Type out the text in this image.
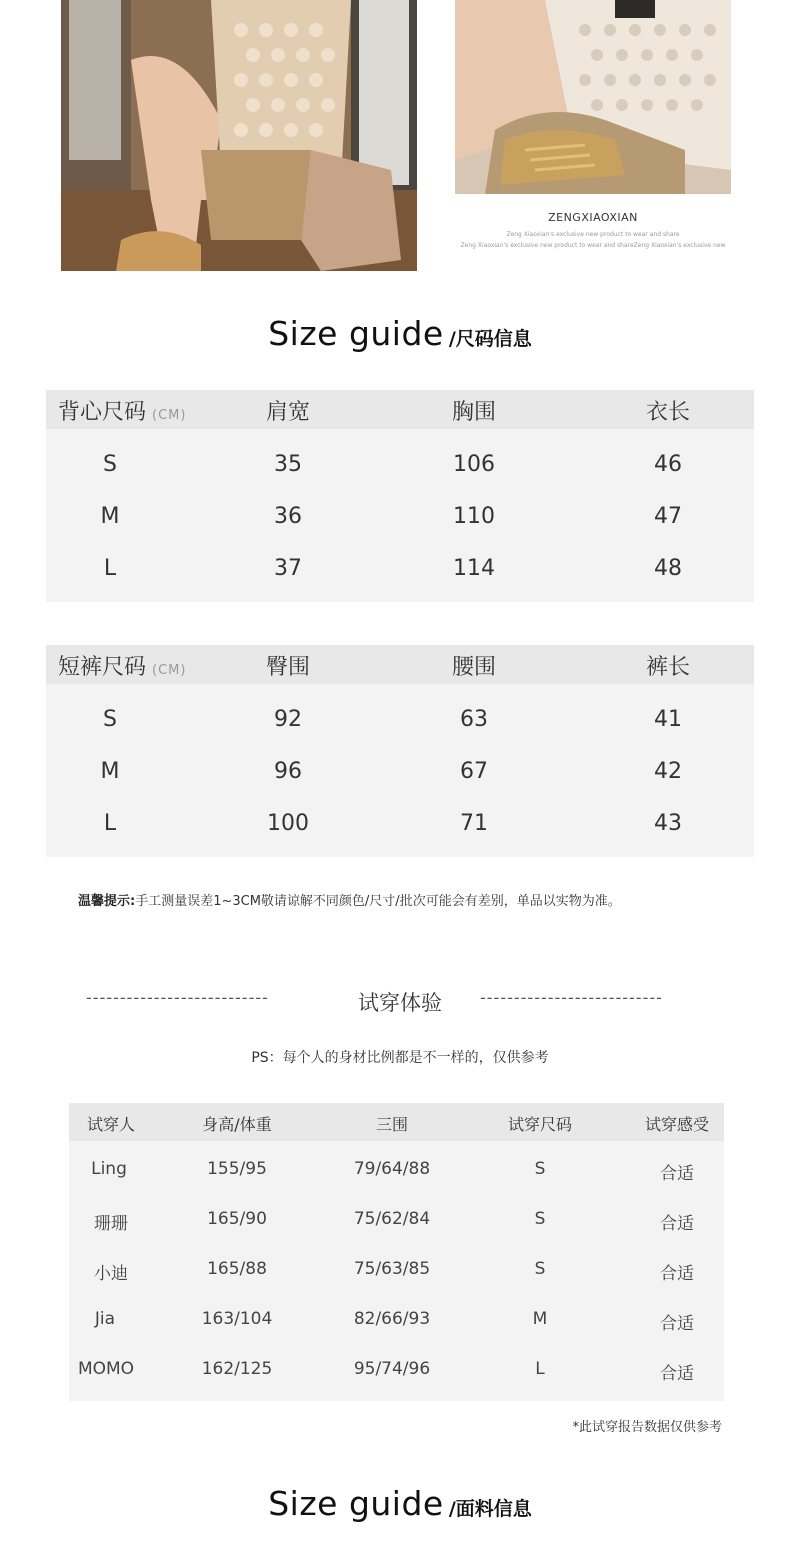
ZENGXIAOXIAN
Zeng Xiaoxian's exclusive new product to wear and share
Zeng Xiaoxian's exclusive new product to wear and shareZeng Xiaoxian's exclusive new
Size guide /尺码信息
背心尺码 (CM)	肩宽	胸围	衣长
S	35	106	46
M	36	110	47
L	37	114	48
短裤尺码 (CM)	臀围	腰围	裤长
S	92	63	41
M	96	67	42
L	100	71	43
温馨提示:手工测量误差1~3CM敬请谅解不同颜色/尺寸/批次可能会有差别，单品以实物为准。
---------------------------	试穿体验	---------------------------
PS：每个人的身材比例都是不一样的，仅供参考
试穿人	身高/体重	三围	试穿尺码	试穿感受
Ling	155/95	79/64/88	S	合适
珊珊	165/90	75/62/84	S	合适
小迪	165/88	75/63/85	S	合适
Jia	163/104	82/66/93	M	合适
MOMO	162/125	95/74/96	L	合适
*此试穿报告数据仅供参考
Size guide /面料信息
